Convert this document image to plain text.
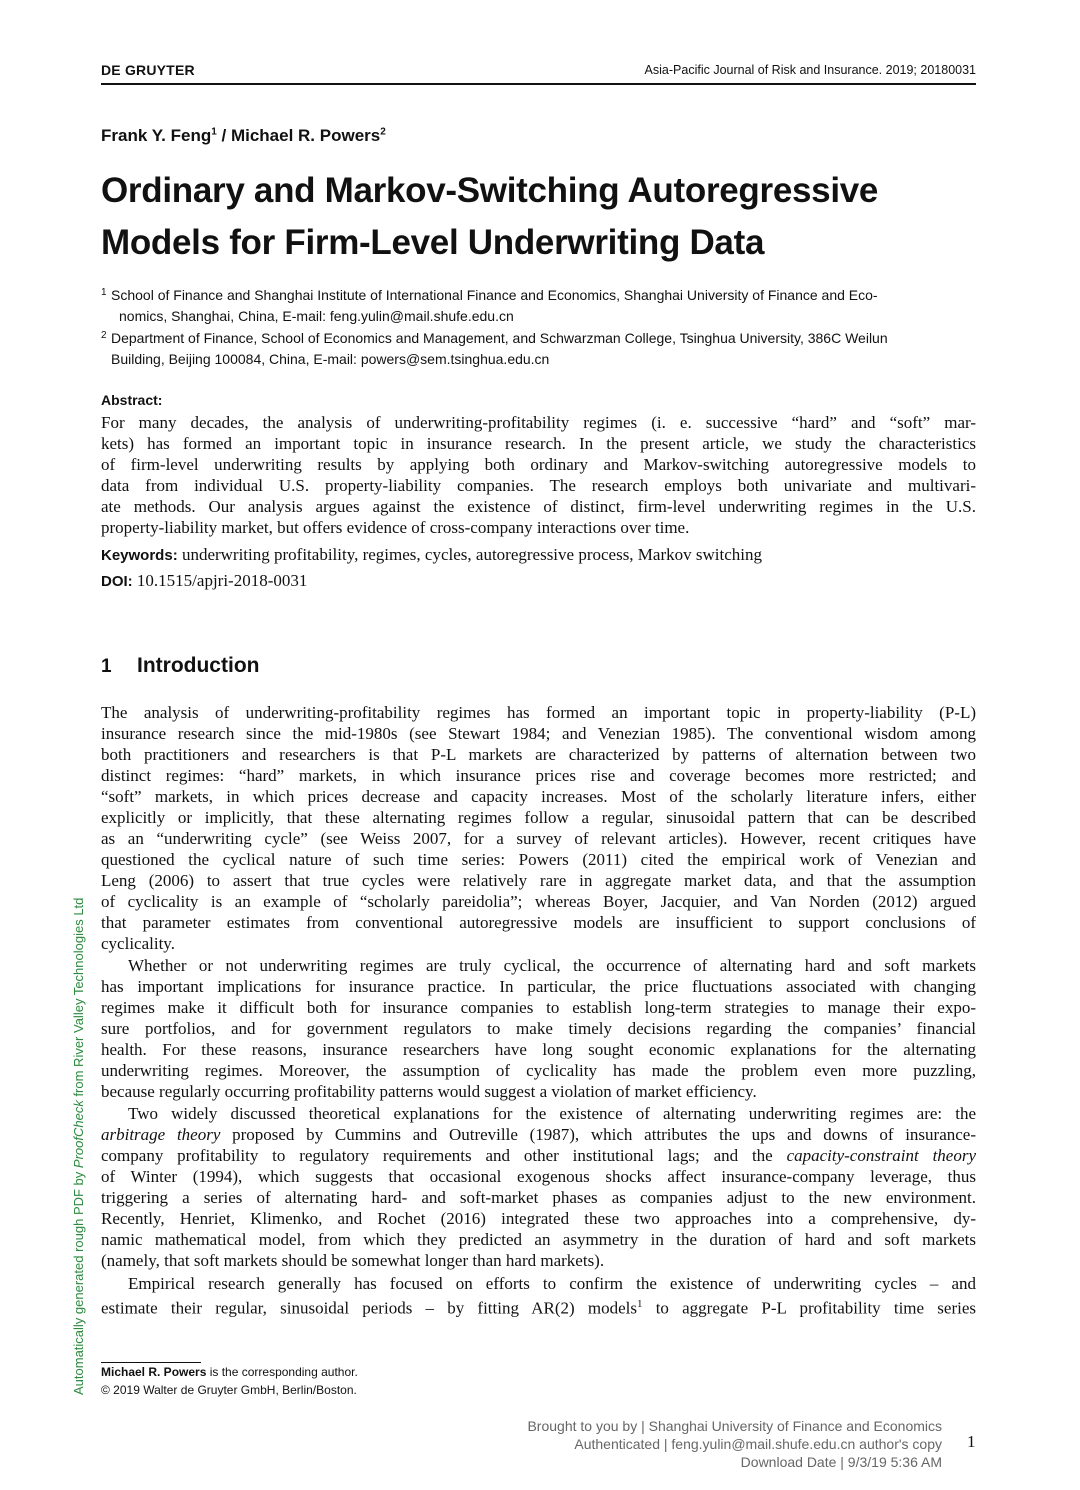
DE GRUYTER	Asia-Pacific Journal of Risk and Insurance. 2019; 20180031
Frank Y. Feng$^1$ / Michael R. Powers$^2$
Ordinary and Markov-Switching Autoregressive
Models for Firm-Level Underwriting Data
1 School of Finance and Shanghai Institute of International Finance and Economics, Shanghai University of Finance and Eco-
nomics, Shanghai, China, E-mail: feng.yulin@mail.shufe.edu.cn
2 Department of Finance, School of Economics and Management, and Schwarzman College, Tsinghua University, 386C Weilun
Building, Beijing 100084, China, E-mail: powers@sem.tsinghua.edu.cn
Abstract:
For many decades, the analysis of underwriting-profitability regimes (i. e. successive “hard” and “soft” mar-
kets) has formed an important topic in insurance research. In the present article, we study the characteristics
of firm-level underwriting results by applying both ordinary and Markov-switching autoregressive models to
data from individual U.S. property-liability companies. The research employs both univariate and multivari-
ate methods. Our analysis argues against the existence of distinct, firm-level underwriting regimes in the U.S.
property-liability market, but offers evidence of cross-company interactions over time.
Keywords: underwriting profitability, regimes, cycles, autoregressive process, Markov switching
DOI: 10.1515/apjri-2018-0031
1 Introduction
The analysis of underwriting-profitability regimes has formed an important topic in property-liability (P-L)
insurance research since the mid-1980s (see Stewart 1984; and Venezian 1985). The conventional wisdom among
both practitioners and researchers is that P-L markets are characterized by patterns of alternation between two
distinct regimes: “hard” markets, in which insurance prices rise and coverage becomes more restricted; and
“soft” markets, in which prices decrease and capacity increases. Most of the scholarly literature infers, either
explicitly or implicitly, that these alternating regimes follow a regular, sinusoidal pattern that can be described
as an “underwriting cycle” (see Weiss 2007, for a survey of relevant articles). However, recent critiques have
questioned the cyclical nature of such time series: Powers (2011) cited the empirical work of Venezian and
Leng (2006) to assert that true cycles were relatively rare in aggregate market data, and that the assumption
of cyclicality is an example of “scholarly pareidolia”; whereas Boyer, Jacquier, and Van Norden (2012) argued
that parameter estimates from conventional autoregressive models are insufficient to support conclusions of
cyclicality.
Whether or not underwriting regimes are truly cyclical, the occurrence of alternating hard and soft markets
has important implications for insurance practice. In particular, the price fluctuations associated with changing
regimes make it difficult both for insurance companies to establish long-term strategies to manage their expo-
sure portfolios, and for government regulators to make timely decisions regarding the companies’ financial
health. For these reasons, insurance researchers have long sought economic explanations for the alternating
underwriting regimes. Moreover, the assumption of cyclicality has made the problem even more puzzling,
because regularly occurring profitability patterns would suggest a violation of market efficiency.
Two widely discussed theoretical explanations for the existence of alternating underwriting regimes are: the
arbitrage theory proposed by Cummins and Outreville (1987), which attributes the ups and downs of insurance-
company profitability to regulatory requirements and other institutional lags; and the capacity-constraint theory
of Winter (1994), which suggests that occasional exogenous shocks affect insurance-company leverage, thus
triggering a series of alternating hard- and soft-market phases as companies adjust to the new environment.
Recently, Henriet, Klimenko, and Rochet (2016) integrated these two approaches into a comprehensive, dy-
namic mathematical model, from which they predicted an asymmetry in the duration of hard and soft markets
(namely, that soft markets should be somewhat longer than hard markets).
Empirical research generally has focused on efforts to confirm the existence of underwriting cycles – and
estimate their regular, sinusoidal periods – by fitting AR(2) models$^1$ to aggregate P-L profitability time series
Automatically generated rough PDF by ProofCheck from River Valley Technologies Ltd
Michael R. Powers is the corresponding author.
© 2019 Walter de Gruyter GmbH, Berlin/Boston.
Brought to you by | Shanghai University of Finance and Economics
Authenticated | feng.yulin@mail.shufe.edu.cn author's copy
Download Date | 9/3/19 5:36 AM
1
